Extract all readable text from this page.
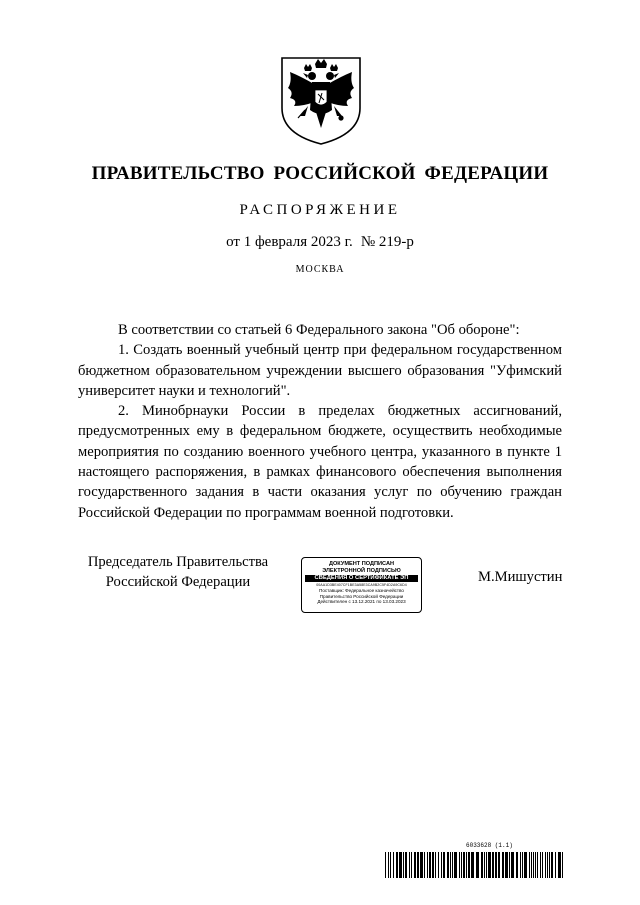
ПРАВИТЕЛЬСТВО РОССИЙСКОЙ ФЕДЕРАЦИИ
РАСПОРЯЖЕНИЕ
от 1 февраля 2023 г. № 219-р
МОСКВА

В соответствии со статьей 6 Федерального закона "Об обороне":

1. Создать военный учебный центр при федеральном государственном бюджетном образовательном учреждении высшего образования "Уфимский университет науки и технологий".

2. Минобрнауки России в пределах бюджетных ассигнований, предусмотренных ему в федеральном бюджете, осуществить необходимые мероприятия по созданию военного учебного центра, указанного в пункте 1 настоящего распоряжения, в рамках финансового обеспечения выполнения государственного задания в части оказания услуг по обучению граждан Российской Федерации по программам военной подготовки.

Председатель Правительства
Российской Федерации
ДОКУМЕНТ ПОДПИСАН
ЭЛЕКТРОННОЙ ПОДПИСЬЮ
СВЕДЕНИЯ О СЕРТИФИКАТЕ ЭП
00AA1D3BE407CF1BE3A58E3CA9B2C5F4D2A9C6D4
Поставщик: Федеральное казначейство
Правительство Российской Федерации
Действителен с 13.12.2021 по 13.03.2023
М.Мишустин
6033628 (1.1)
